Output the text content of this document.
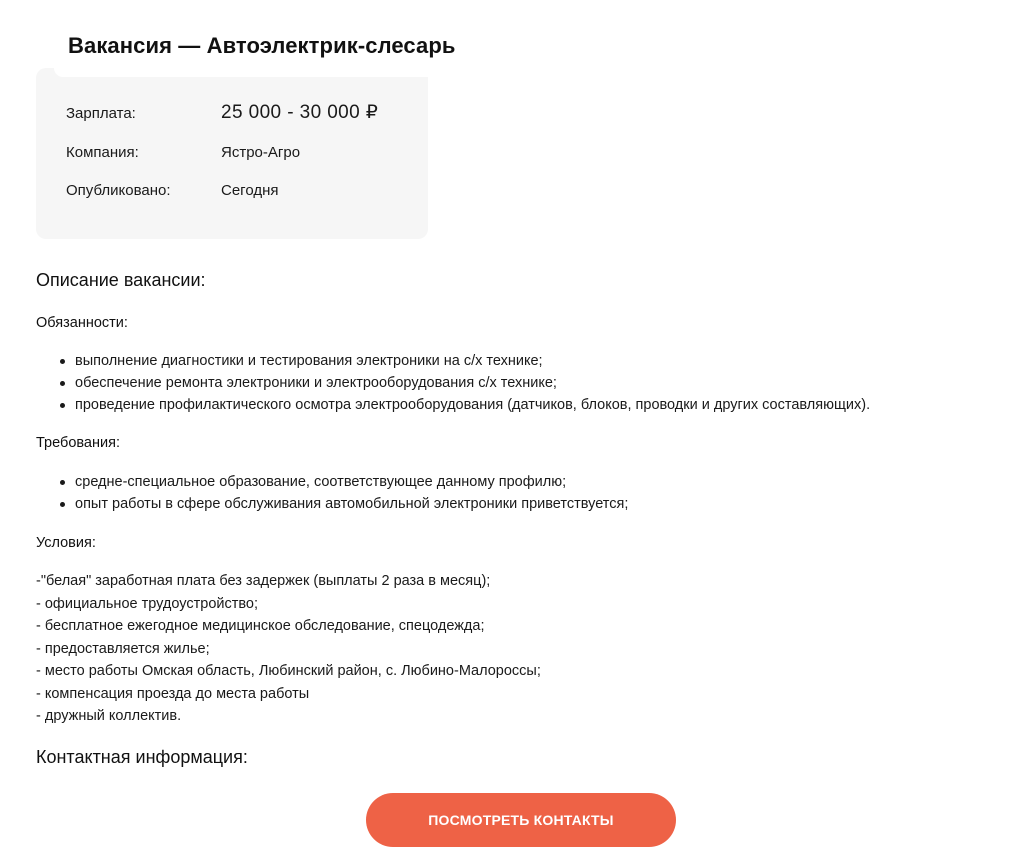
Вакансия — Автоэлектрик-слесарь
Зарплата:	25 000 - 30 000 ₽
Компания:	Ястро-Агро
Опубликовано:	Сегодня
Описание вакансии:
Обязанности:
выполнение диагностики и тестирования электроники на с/х технике;
обеспечение ремонта электроники и электрооборудования с/х технике;
проведение профилактического осмотра электрооборудования (датчиков, блоков, проводки и других составляющих).
Требования:
средне-специальное образование, соответствующее данному профилю;
опыт работы в сфере обслуживания автомобильной электроники приветствуется;
Условия:
-"белая" заработная плата без задержек (выплаты 2 раза в месяц);
- официальное трудоустройство;
- бесплатное ежегодное медицинское обследование, спецодежда;
- предоставляется жилье;
- место работы Омская область, Любинский район, с. Любино-Малороссы;
- компенсация проезда до места работы
- дружный коллектив.
Контактная информация:
ПОСМОТРЕТЬ КОНТАКТЫ
